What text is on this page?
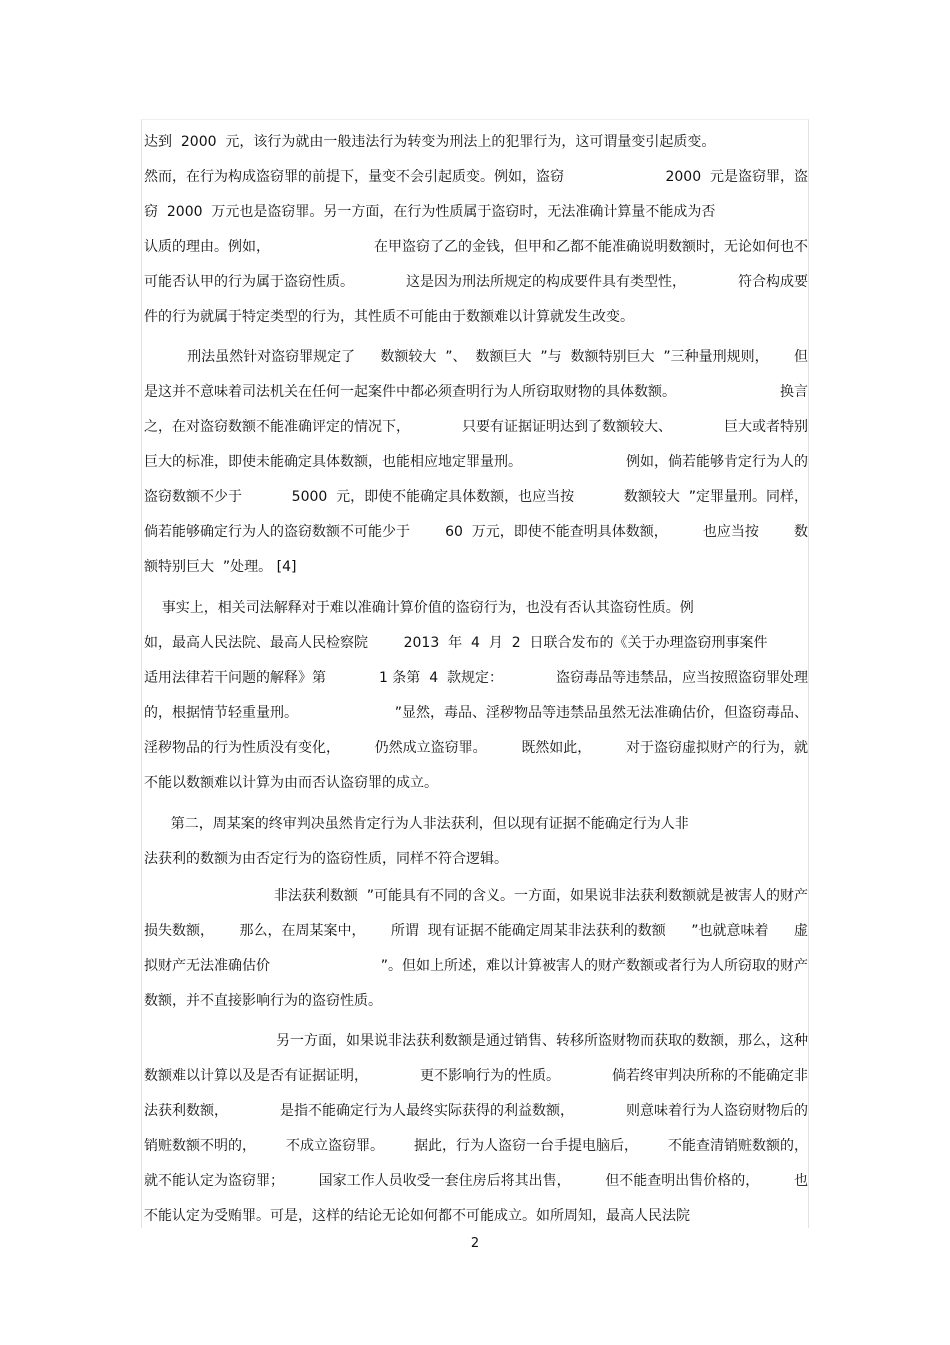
达到  2000  元，该行为就由一般违法行为转变为刑法上的犯罪行为，这可谓量变引起质变。
然而，在行为构成盗窃罪的前提下，量变不会引起质变。例如，盗窃	2000  元是盗窃罪，盗
窃  2000  万元也是盗窃罪。另一方面，在行为性质属于盗窃时，无法准确计算量不能成为否
认质的理由。例如，	在甲盗窃了乙的金钱，但甲和乙都不能准确说明数额时，无论如何也不
可能否认甲的行为属于盗窃性质。	这是因为刑法所规定的构成要件具有类型性，	符合构成要
件的行为就属于特定类型的行为，其性质不可能由于数额难以计算就发生改变。

刑法虽然针对盗窃罪规定了 数额较大  ”、  数额巨大  ”与  数额特别巨大  ”三种量刑规则， 但
是这并不意味着司法机关在任何一起案件中都必须查明行为人所窃取财物的具体数额。	换言
之，在对盗窃数额不能准确评定的情况下，	只要有证据证明达到了数额较大、	巨大或者特别
巨大的标准，即使未能确定具体数额，也能相应地定罪量刑。	例如，倘若能够肯定行为人的
盗窃数额不少于	5000  元，即使不能确定具体数额，也应当按	数额较大  ”定罪量刑。同样，
倘若能够确定行为人的盗窃数额不可能少于	60  万元，即使不能查明具体数额，	也应当按	数
额特别巨大  ”处理。 [4]
事实上，相关司法解释对于难以准确计算价值的盗窃行为，也没有否认其盗窃性质。例
如，最高人民法院、最高人民检察院        2013  年  4  月  2  日联合发布的《关于办理盗窃刑事案件
适用法律若干问题的解释》第	1 条第  4  款规定：	盗窃毒品等违禁品，应当按照盗窃罪处理
的，根据情节轻重量刑。	”显然，毒品、淫秽物品等违禁品虽然无法准确估价，但盗窃毒品、
淫秽物品的行为性质没有变化， 仍然成立盗窃罪。 既然如此， 对于盗窃虚拟财产的行为，就
不能以数额难以计算为由而否认盗窃罪的成立。
第二，周某案的终审判决虽然肯定行为人非法获利，但以现有证据不能确定行为人非
法获利的数额为由否定行为的盗窃性质，同样不符合逻辑。

非法获利数额  ”可能具有不同的含义。一方面，如果说非法获利数额就是被害人的财产
损失数额， 那么，在周某案中， 所谓  现有证据不能确定周某非法获利的数额 ”也就意味着 虚
拟财产无法准确估价	”。但如上所述，难以计算被害人的财产数额或者行为人所窃取的财产
数额，并不直接影响行为的盗窃性质。

另一方面，如果说非法获利数额是通过销售、转移所盗财物而获取的数额，那么，这种
数额难以计算以及是否有证据证明，	更不影响行为的性质。	倘若终审判决所称的不能确定非
法获利数额，	是指不能确定行为人最终实际获得的利益数额，	则意味着行为人盗窃财物后的
销赃数额不明的， 不成立盗窃罪。 据此，行为人盗窃一台手提电脑后， 不能查清销赃数额的，
就不能认定为盗窃罪； 国家工作人员收受一套住房后将其出售， 但不能查明出售价格的， 也
不能认定为受贿罪。可是，这样的结论无论如何都不可能成立。如所周知，最高人民法院
2
